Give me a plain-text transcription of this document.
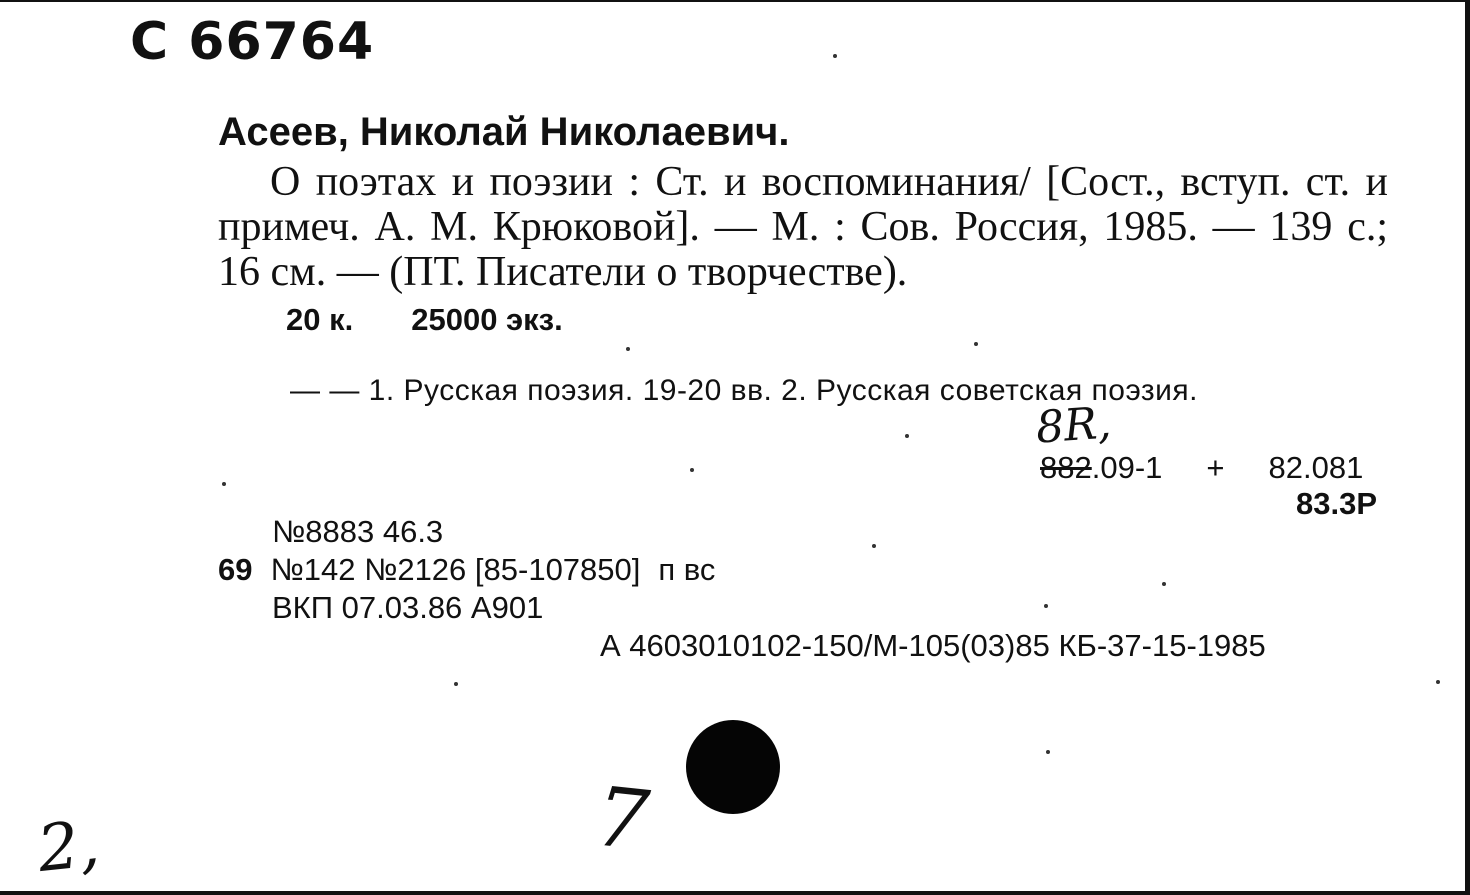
С 66764
Асеев, Николай Николаевич.
О поэтах и поэзии : Ст. и воспоминания/ [Сост., вступ. ст. и примеч. А. М. Крюковой]. — М. : Сов. Россия, 1985. — 139 с.; 16 см. — (ПТ. Писатели о творчестве).
20 к. 25000 экз.
— — 1. Русская поэзия. 19-20 вв. 2. Русская советская поэзия.
8R,
882.09-1 + 82.081
83.3Р
№8883 46.3
69 №142 №2126 [85-107850] п вс
ВКП 07.03.86 А901
А 4603010102-150/М-105(03)85 КБ-37-15-1985
7
2,
